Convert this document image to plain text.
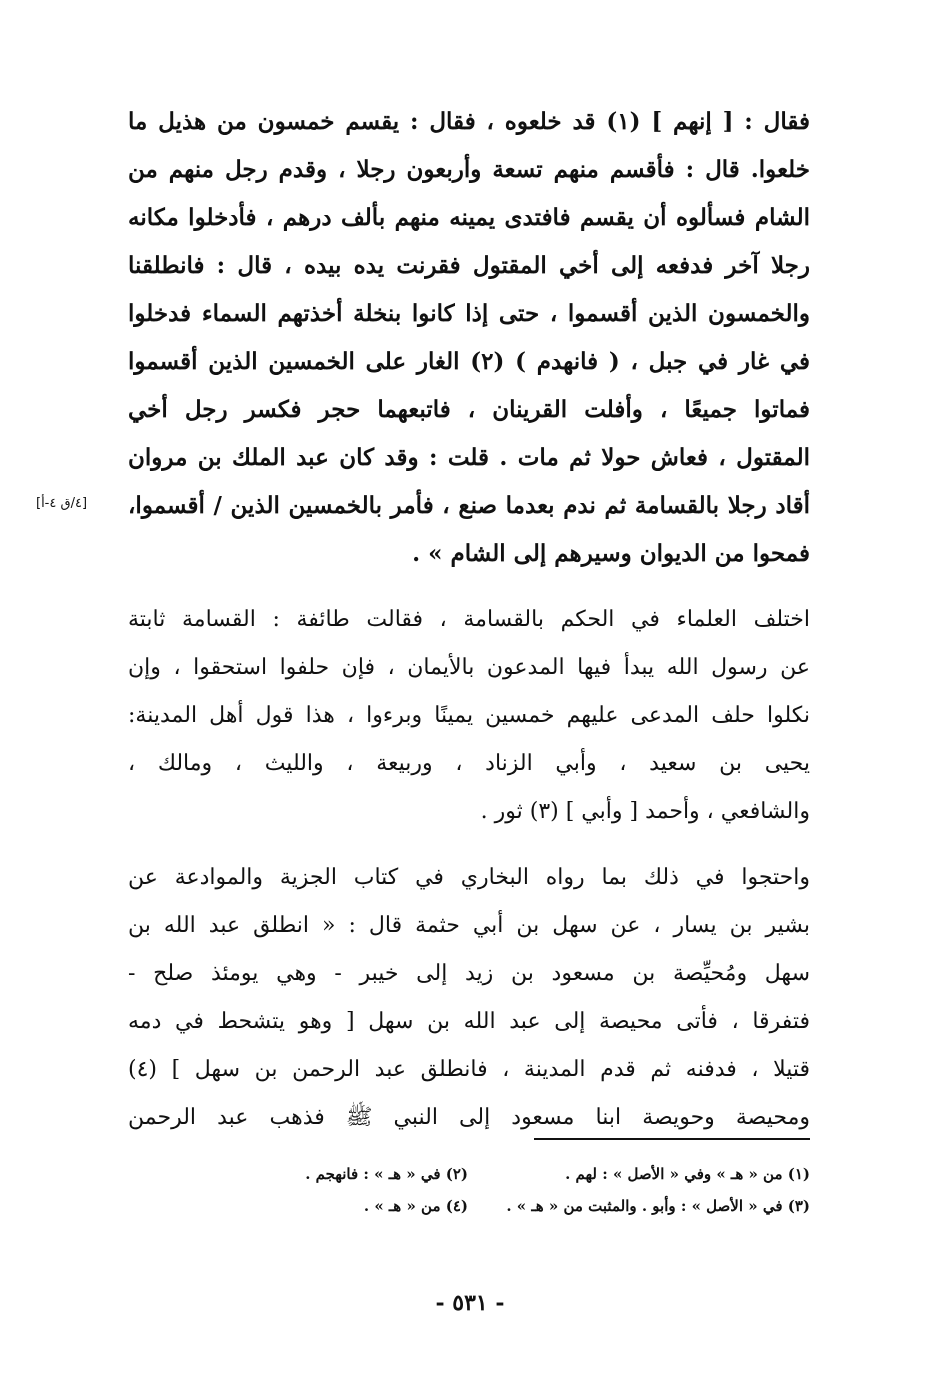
فقال : [ إنهم ] (١) قد خلعوه ، فقال : يقسم خمسون من هذيل ما
خلعوا. قال : فأقسم منهم تسعة وأربعون رجلا ، وقدم رجل منهم من
الشام فسألوه أن يقسم فافتدى يمينه منهم بألف درهم ، فأدخلوا مكانه
رجلا آخر فدفعه إلى أخي المقتول فقرنت يده بيده ، قال : فانطلقنا
والخمسون الذين أقسموا ، حتى إذا كانوا بنخلة أخذتهم السماء فدخلوا
في غار في جبل ، ( فانهدم ) (٢) الغار على الخمسين الذين أقسموا
فماتوا جميعًا ، وأفلت القرينان ، فاتبعهما حجر فكسر رجل أخي
المقتول ، فعاش حولا ثم مات . قلت : وقد كان عبد الملك بن مروان
أقاد رجلا بالقسامة ثم ندم بعدما صنع ، فأمر بالخمسين الذين / أقسموا،
فمحوا من الديوان وسيرهم إلى الشام » .
اختلف العلماء في الحكم بالقسامة ، فقالت طائفة : القسامة ثابتة
عن رسول الله يبدأ فيها المدعون بالأيمان ، فإن حلفوا استحقوا ، وإن
نكلوا حلف المدعى عليهم خمسين يمينًا وبرءوا ، هذا قول أهل المدينة:
يحيى بن سعيد ، وأبي الزناد ، وربيعة ، والليث ، ومالك ،
والشافعي ، وأحمد [ وأبي ] (٣) ثور .
واحتجوا في ذلك بما رواه البخاري في كتاب الجزية والموادعة عن
بشير بن يسار ، عن سهل بن أبي حثمة قال : « انطلق عبد الله بن
سهل ومُحيِّصة بن مسعود بن زيد إلى خيبر - وهي يومئذ صلح -
فتفرقا ، فأتى محيصة إلى عبد الله بن سهل [ وهو يتشحط في دمه
قتيلا ، فدفنه ثم قدم المدينة ، فانطلق عبد الرحمن بن سهل ] (٤)
ومحيصة وحويصة ابنا مسعود إلى النبي ﷺ فذهب عبد الرحمن
[٤/ق ٤-أ]
(١) من « هـ » وفي « الأصل » : لهم .
(٢) في « هـ » : فانهجم .
(٣) في « الأصل » : وأبو . والمثبت من « هـ » .
(٤) من « هـ » .
- ٥٣١ -
